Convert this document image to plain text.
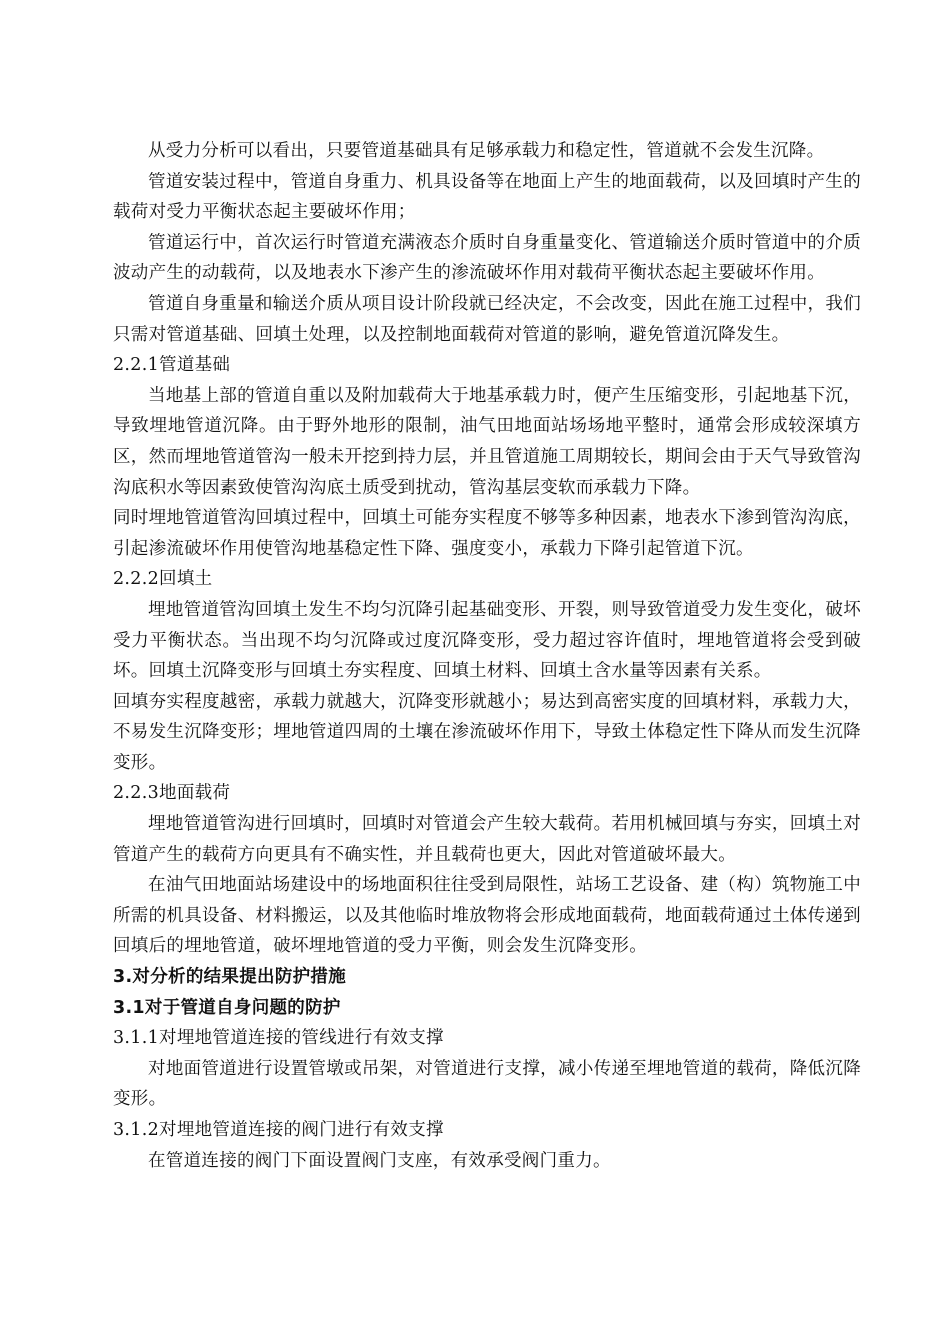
从受力分析可以看出，只要管道基础具有足够承载力和稳定性，管道就不会发生沉降。

管道安装过程中，管道自身重力、机具设备等在地面上产生的地面载荷，以及回填时产生的载荷对受力平衡状态起主要破坏作用；

管道运行中，首次运行时管道充满液态介质时自身重量变化、管道输送介质时管道中的介质波动产生的动载荷，以及地表水下渗产生的渗流破坏作用对载荷平衡状态起主要破坏作用。

管道自身重量和输送介质从项目设计阶段就已经决定，不会改变，因此在施工过程中，我们只需对管道基础、回填土处理，以及控制地面载荷对管道的影响，避免管道沉降发生。

2.2.1管道基础

当地基上部的管道自重以及附加载荷大于地基承载力时，便产生压缩变形，引起地基下沉，导致埋地管道沉降。由于野外地形的限制，油气田地面站场场地平整时，通常会形成较深填方区，然而埋地管道管沟一般未开挖到持力层，并且管道施工周期较长，期间会由于天气导致管沟沟底积水等因素致使管沟沟底土质受到扰动，管沟基层变软而承载力下降。

同时埋地管道管沟回填过程中，回填土可能夯实程度不够等多种因素，地表水下渗到管沟沟底，引起渗流破坏作用使管沟地基稳定性下降、强度变小，承载力下降引起管道下沉。

2.2.2回填土

埋地管道管沟回填土发生不均匀沉降引起基础变形、开裂，则导致管道受力发生变化，破坏受力平衡状态。当出现不均匀沉降或过度沉降变形，受力超过容许值时，埋地管道将会受到破坏。回填土沉降变形与回填土夯实程度、回填土材料、回填土含水量等因素有关系。

回填夯实程度越密，承载力就越大，沉降变形就越小；易达到高密实度的回填材料，承载力大，不易发生沉降变形；埋地管道四周的土壤在渗流破坏作用下，导致土体稳定性下降从而发生沉降变形。

2.2.3地面载荷

埋地管道管沟进行回填时，回填时对管道会产生较大载荷。若用机械回填与夯实，回填土对管道产生的载荷方向更具有不确实性，并且载荷也更大，因此对管道破坏最大。

在油气田地面站场建设中的场地面积往往受到局限性，站场工艺设备、建（构）筑物施工中所需的机具设备、材料搬运，以及其他临时堆放物将会形成地面载荷，地面载荷通过土体传递到回填后的埋地管道，破坏埋地管道的受力平衡，则会发生沉降变形。

3.对分析的结果提出防护措施

3.1对于管道自身问题的防护

3.1.1对埋地管道连接的管线进行有效支撑

对地面管道进行设置管墩或吊架，对管道进行支撑，减小传递至埋地管道的载荷，降低沉降变形。

3.1.2对埋地管道连接的阀门进行有效支撑

在管道连接的阀门下面设置阀门支座，有效承受阀门重力。
